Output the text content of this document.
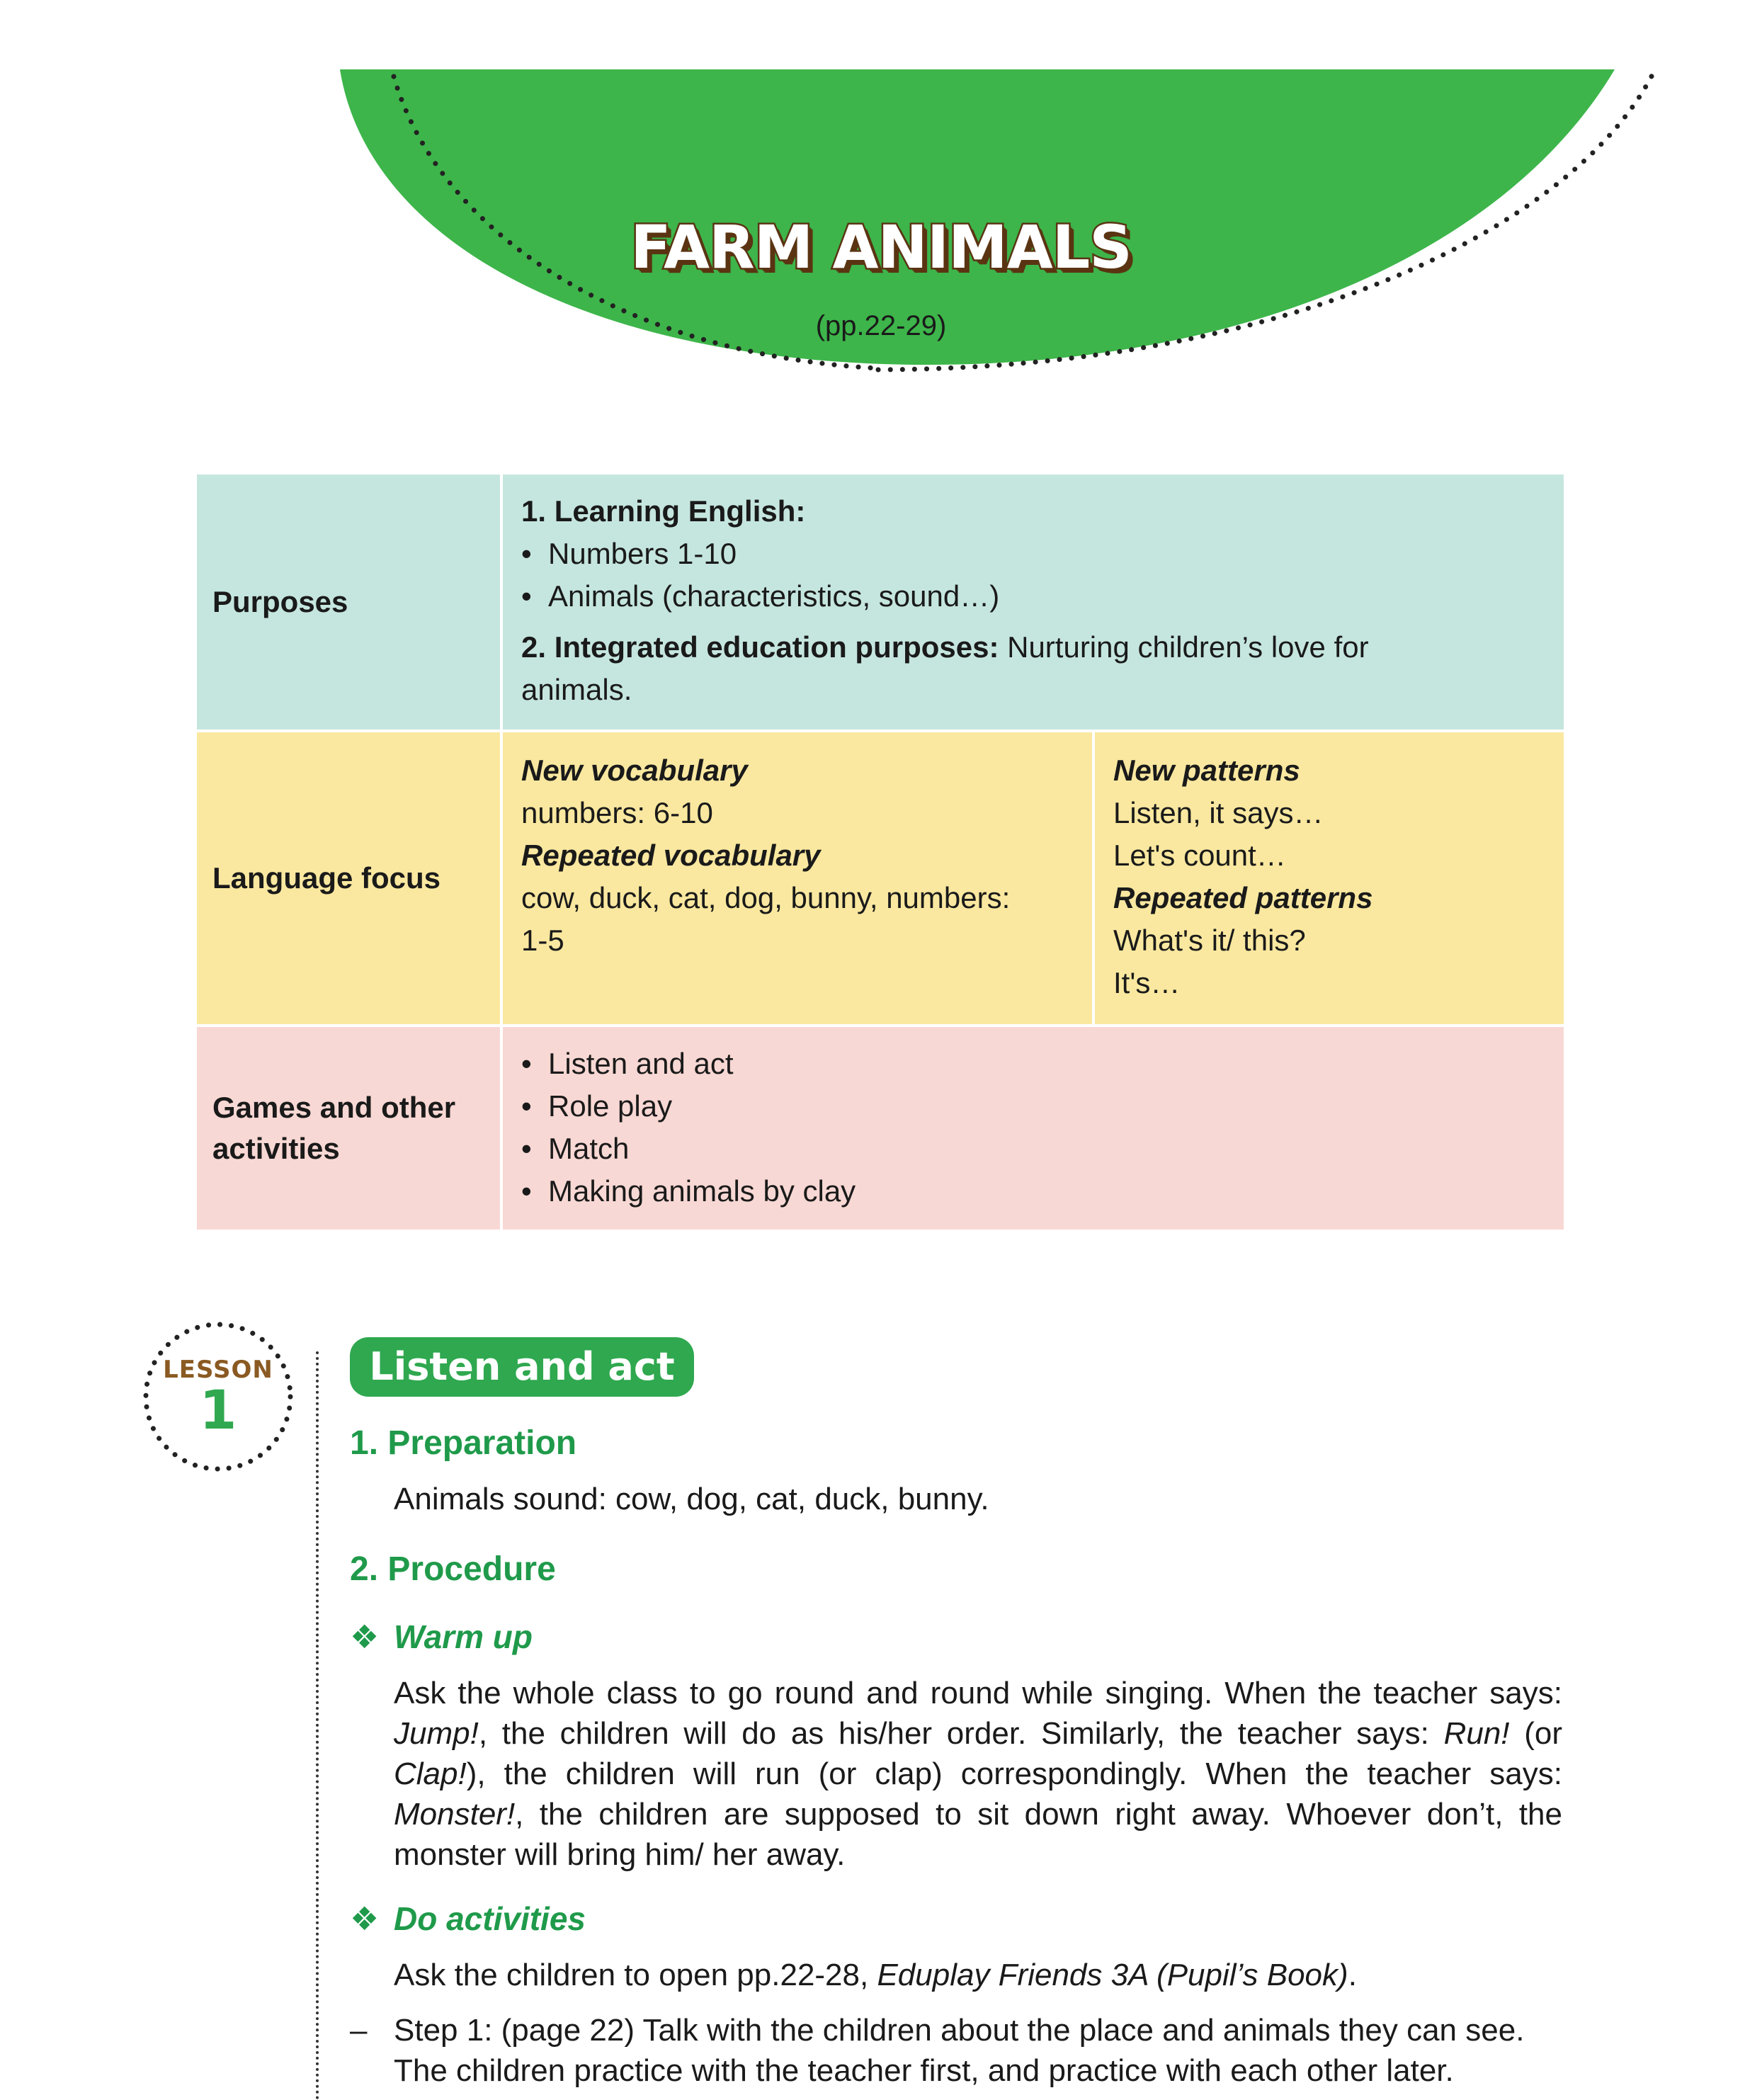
FARM ANIMALS
(pp.22-29)
Purposes
1. Learning English:
• Numbers 1-10
• Animals (characteristics, sound…)
2. Integrated education purposes: Nurturing children’s love for
animals.
Language focus
New vocabulary
numbers: 6-10
Repeated vocabulary
cow, duck, cat, dog, bunny, numbers:
1-5
New patterns
Listen, it says…
Let's count…
Repeated patterns
What's it/ this?
It's…
Games and other
activities
• Listen and act
• Role play
• Match
• Making animals by clay
LESSON
1
Listen and act
1. Preparation
Animals sound: cow, dog, cat, duck, bunny.
2. Procedure
❖ Warm up
Ask the whole class to go round and round while singing. When the teacher says: Jump!, the children will do as his/her order. Similarly, the teacher says: Run! (or Clap!), the children will run (or clap) correspondingly. When the teacher says: Monster!, the children are supposed to sit down right away. Whoever don’t, the monster will bring him/ her away.
❖ Do activities
Ask the children to open pp.22-28, Eduplay Friends 3A (Pupil’s Book).
– Step 1: (page 22) Talk with the children about the place and animals they can see. The children practice with the teacher first, and practice with each other later.
